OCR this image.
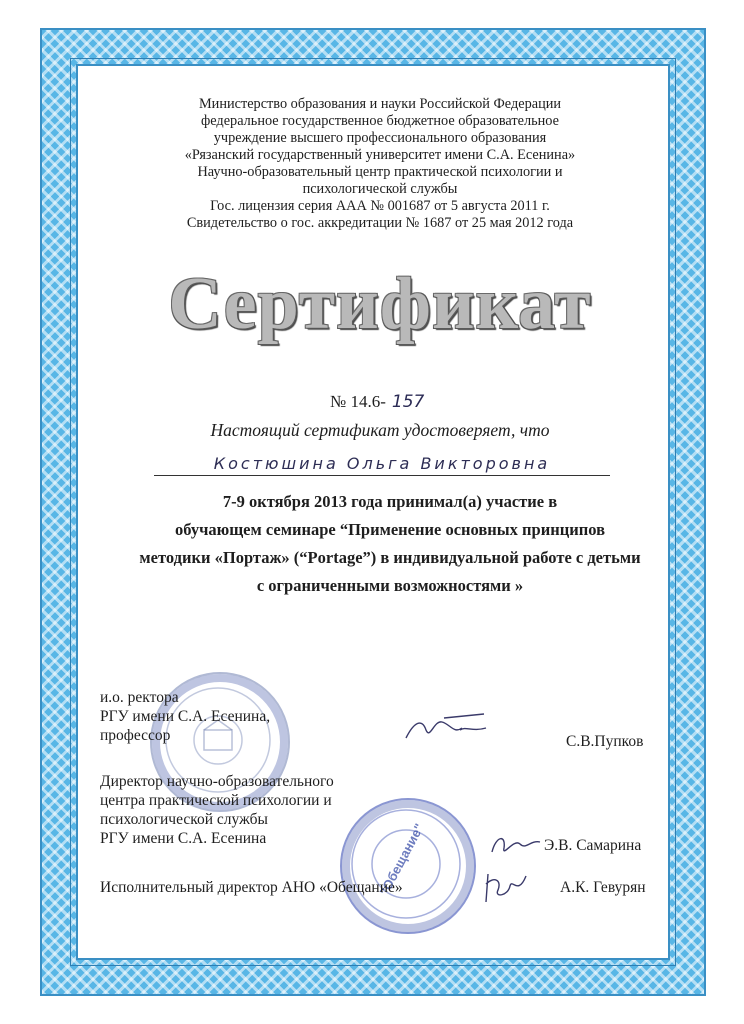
Министерство образования и науки Российской Федерации
федеральное государственное бюджетное образовательное
учреждение высшего профессионального образования
«Рязанский государственный университет имени С.А. Есенина»
Научно-образовательный центр практической психологии и
психологической службы
Гос. лицензия серия ААА № 001687 от 5 августа 2011 г.
Свидетельство о гос. аккредитации № 1687 от 25 мая 2012 года
Сертификат
№ 14.6- 157
Настоящий сертификат удостоверяет, что
Костюшина Ольга Викторовна
7-9 октября 2013 года принимал(а) участие в
обучающем семинаре “Применение основных принципов
методики «Портаж» (“Portage”) в индивидуальной работе с детьми
с ограниченными возможностями »
и.о. ректора
РГУ имени С.А. Есенина,
профессор	С.В.Пупков
Директор научно-образовательного
центра практической психологии и
психологической службы
РГУ имени С.А. Есенина	"Обещание"	Э.В. Самарина
Исполнительный директор АНО «Обещание»	А.К. Гевурян
